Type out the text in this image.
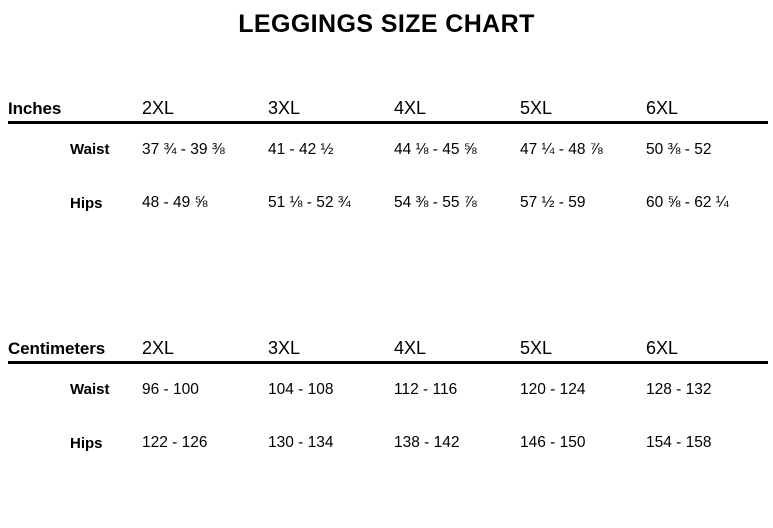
LEGGINGS SIZE CHART
Inches	2XL	3XL	4XL	5XL	6XL
Waist	37 ¾ - 39 ⅜	41 - 42 ½	44 ⅛ - 45 ⅝	47 ¼ - 48 ⅞	50 ⅜ - 52
Hips	48 - 49 ⅝	51 ⅛ - 52 ¾	54 ⅜ - 55 ⅞	57 ½ - 59	60 ⅝ - 62 ¼
Centimeters	2XL	3XL	4XL	5XL	6XL
Waist	96 - 100	104 - 108	112 - 116	120 - 124	128 - 132
Hips	122 - 126	130 - 134	138 - 142	146 - 150	154 - 158
